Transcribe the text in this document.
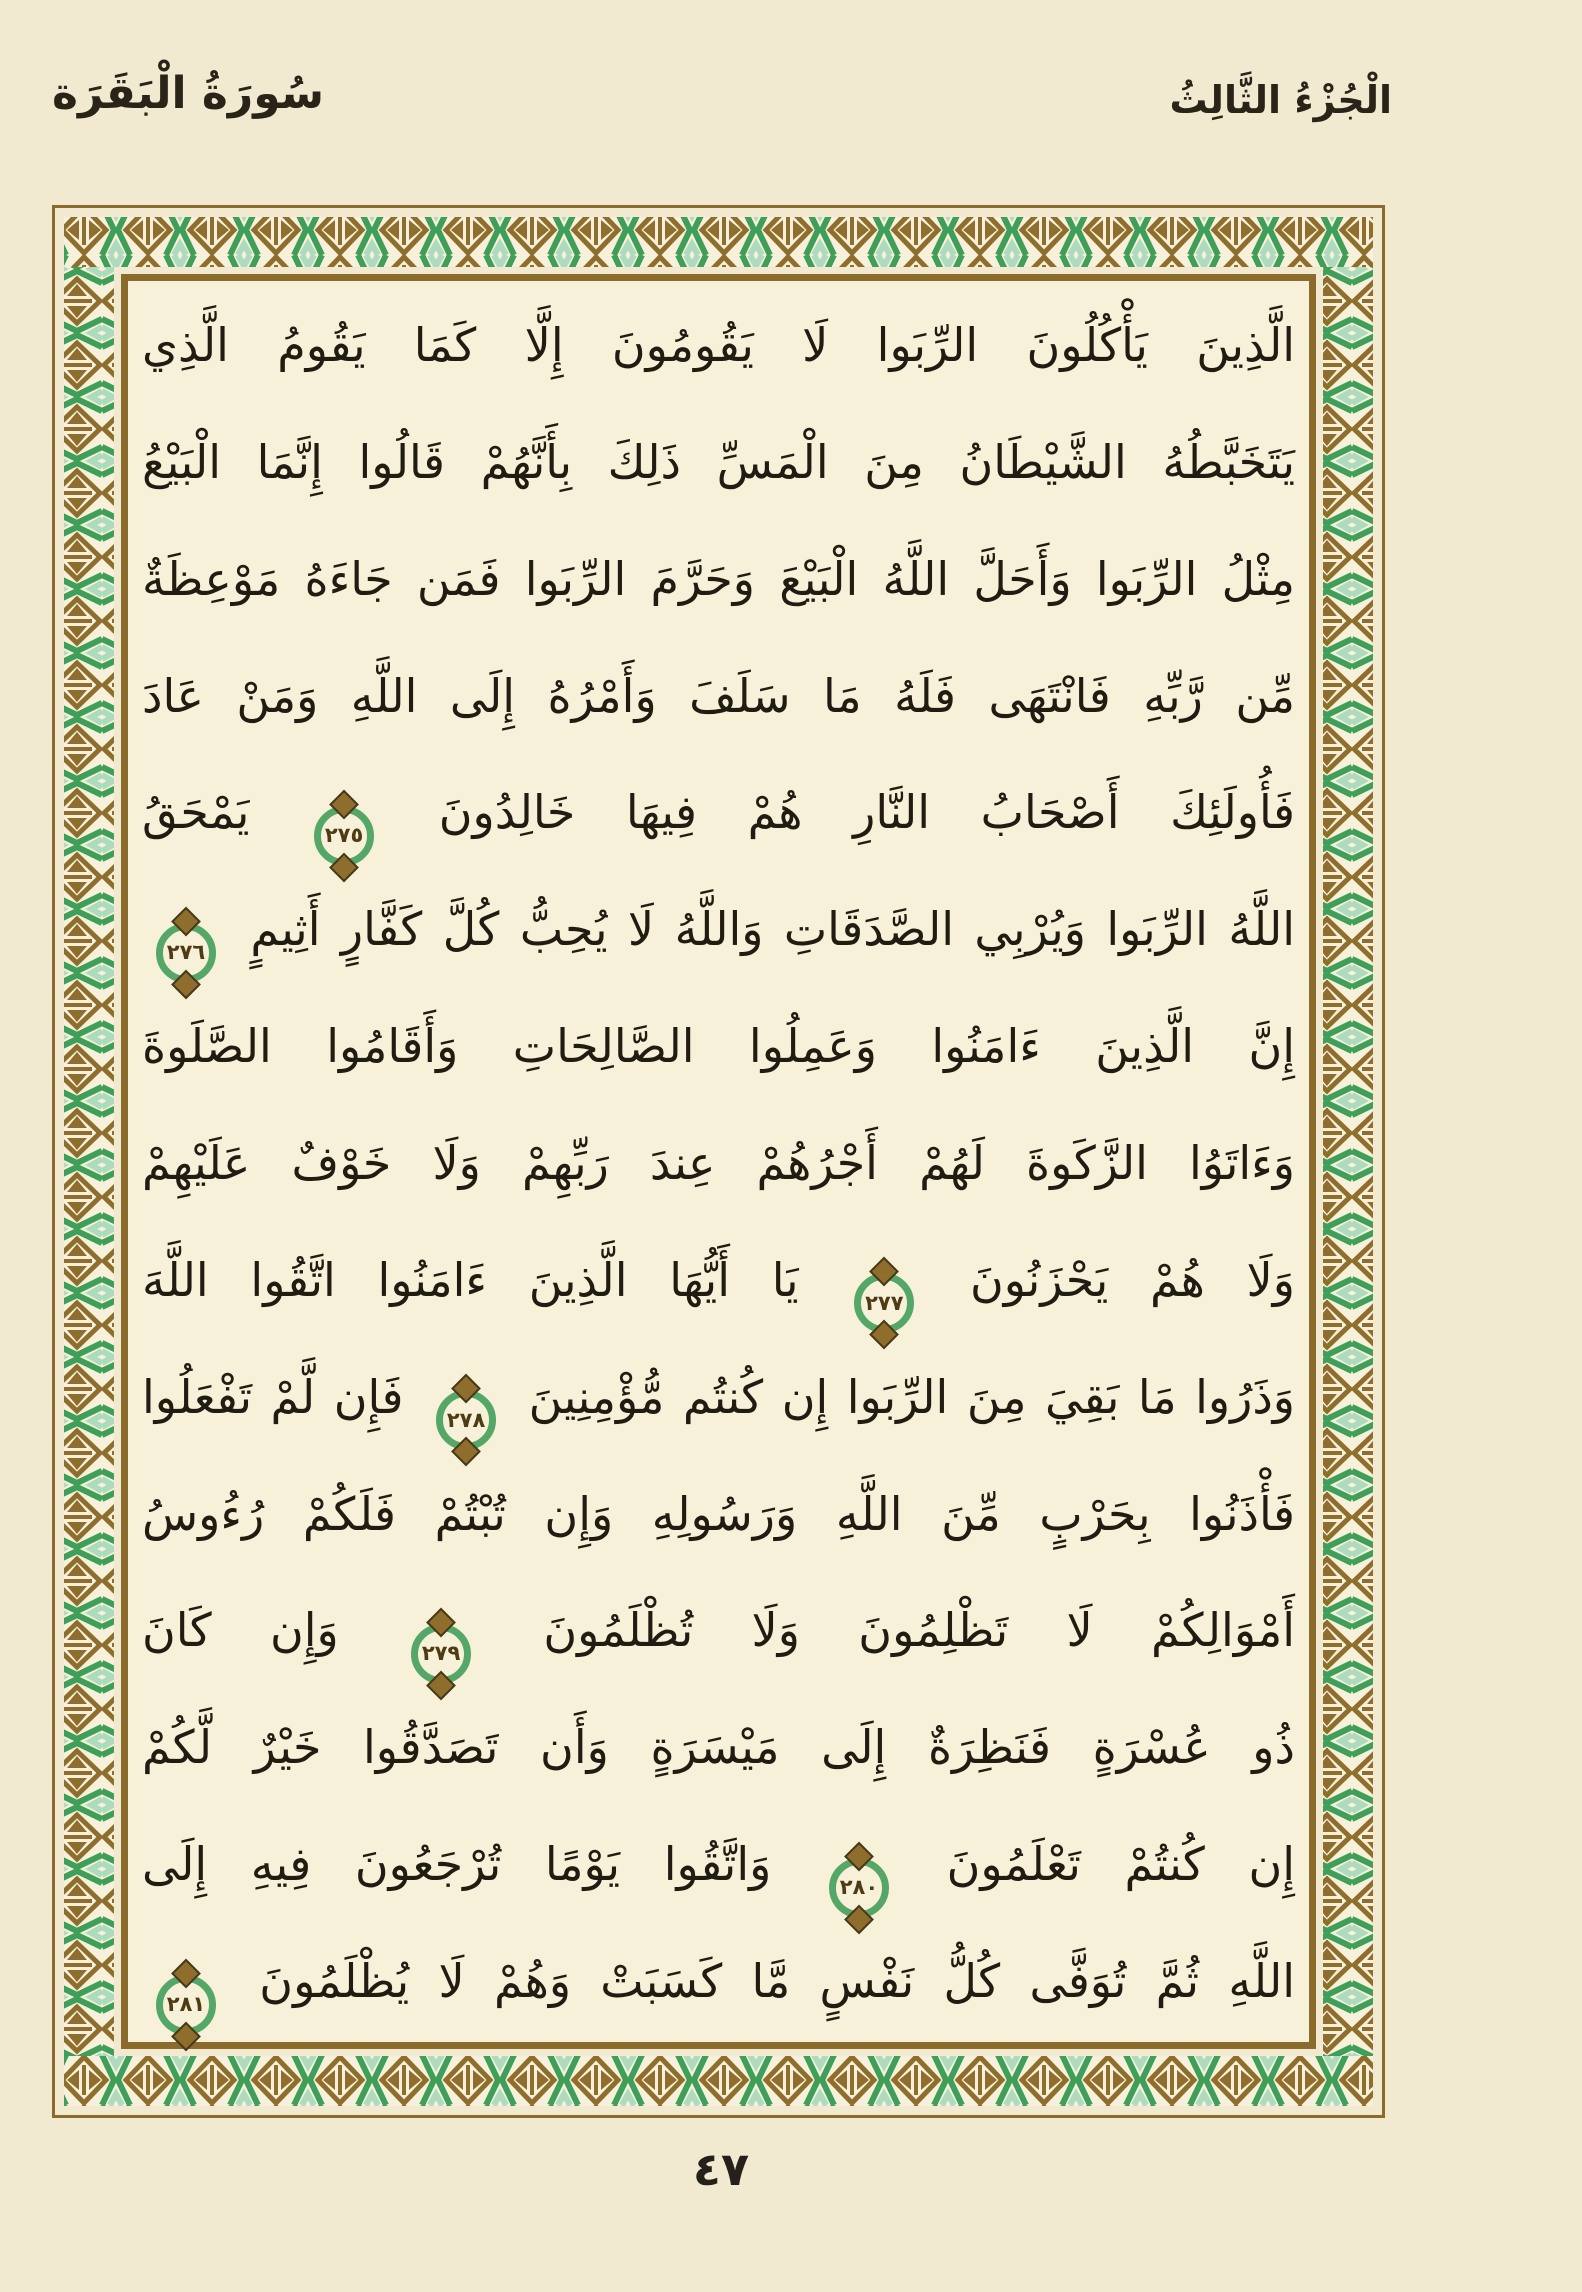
سُورَةُ الْبَقَرَة	الْجُزْءُ الثَّالِثُ
الَّذِينَ يَأْكُلُونَ الرِّبَوا لَا يَقُومُونَ إِلَّا كَمَا يَقُومُ الَّذِي
يَتَخَبَّطُهُ الشَّيْطَانُ مِنَ الْمَسِّ ذَلِكَ بِأَنَّهُمْ قَالُوا إِنَّمَا الْبَيْعُ
مِثْلُ الرِّبَوا وَأَحَلَّ اللَّهُ الْبَيْعَ وَحَرَّمَ الرِّبَوا فَمَن جَاءَهُ مَوْعِظَةٌ
مِّن رَّبِّهِ فَانْتَهَى فَلَهُ مَا سَلَفَ وَأَمْرُهُ إِلَى اللَّهِ وَمَنْ عَادَ
فَأُولَئِكَ أَصْحَابُ النَّارِ هُمْ فِيهَا خَالِدُونَ
٢٧٥
يَمْحَقُ
اللَّهُ الرِّبَوا وَيُرْبِي الصَّدَقَاتِ وَاللَّهُ لَا يُحِبُّ كُلَّ كَفَّارٍ أَثِيمٍ
٢٧٦
إِنَّ الَّذِينَ ءَامَنُوا وَعَمِلُوا الصَّالِحَاتِ وَأَقَامُوا الصَّلَوةَ
وَءَاتَوُا الزَّكَوةَ لَهُمْ أَجْرُهُمْ عِندَ رَبِّهِمْ وَلَا خَوْفٌ عَلَيْهِمْ
وَلَا هُمْ يَحْزَنُونَ
٢٧٧
يَا أَيُّهَا الَّذِينَ ءَامَنُوا اتَّقُوا اللَّهَ
وَذَرُوا مَا بَقِيَ مِنَ الرِّبَوا إِن كُنتُم مُّؤْمِنِينَ
٢٧٨
فَإِن لَّمْ تَفْعَلُوا
فَأْذَنُوا بِحَرْبٍ مِّنَ اللَّهِ وَرَسُولِهِ وَإِن تُبْتُمْ فَلَكُمْ رُءُوسُ
أَمْوَالِكُمْ لَا تَظْلِمُونَ وَلَا تُظْلَمُونَ
٢٧٩
وَإِن كَانَ
ذُو عُسْرَةٍ فَنَظِرَةٌ إِلَى مَيْسَرَةٍ وَأَن تَصَدَّقُوا خَيْرٌ لَّكُمْ
إِن كُنتُمْ تَعْلَمُونَ
٢٨٠
وَاتَّقُوا يَوْمًا تُرْجَعُونَ فِيهِ إِلَى
اللَّهِ ثُمَّ تُوَفَّى كُلُّ نَفْسٍ مَّا كَسَبَتْ وَهُمْ لَا يُظْلَمُونَ
٢٨١
٤٧
